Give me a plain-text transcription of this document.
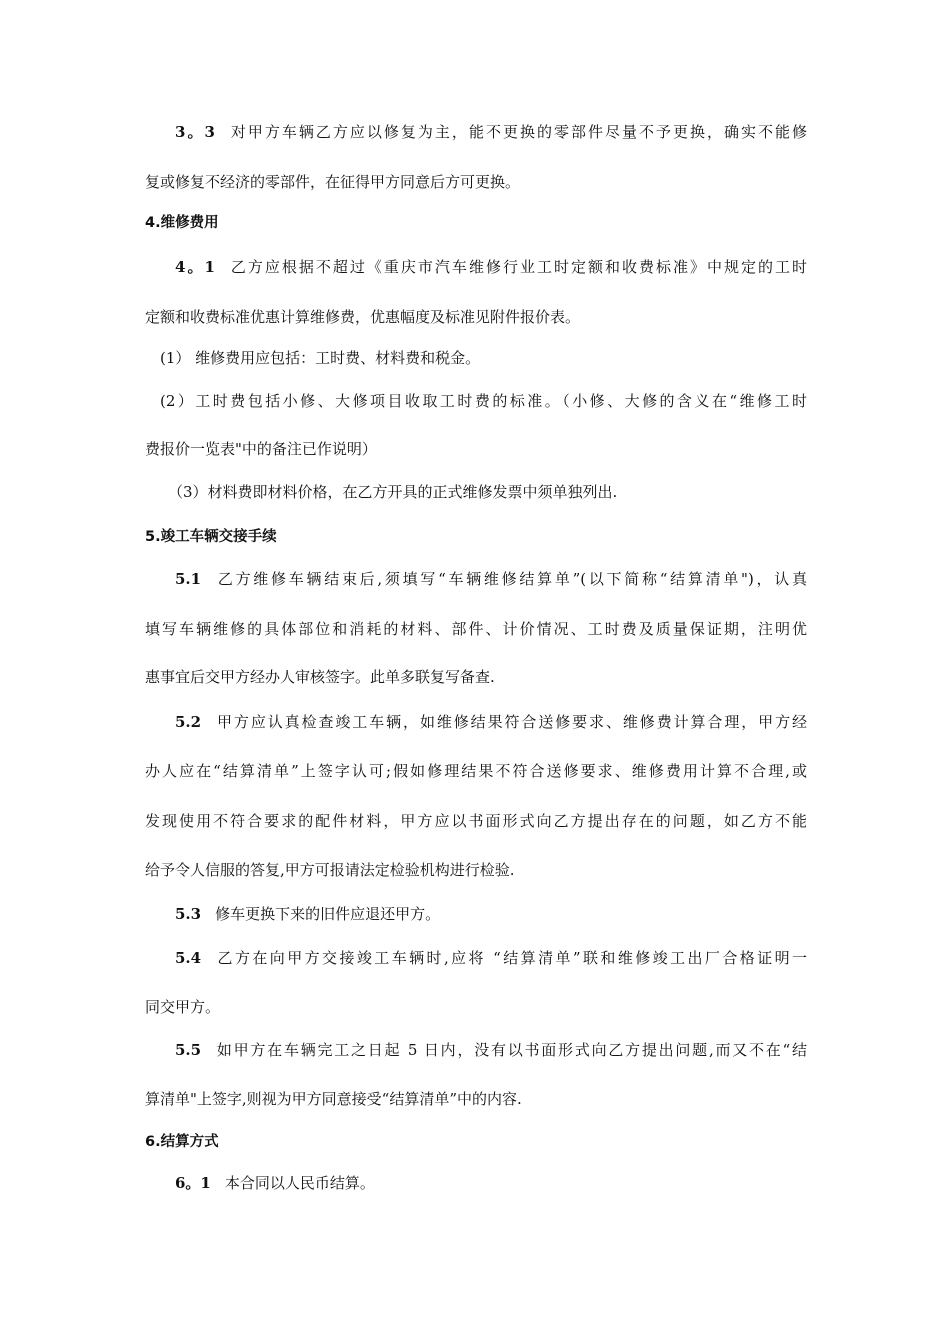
3。3 对甲方车辆乙方应以修复为主，能不更换的零部件尽量不予更换，确实不能修
复或修复不经济的零部件，在征得甲方同意后方可更换。
4.维修费用
4。1 乙方应根据不超过《重庆市汽车维修行业工时定额和收费标准》中规定的工时
定额和收费标准优惠计算维修费，优惠幅度及标准见附件报价表。
(1） 维修费用应包括：工时费、材料费和税金。
(2）工时费包括小修、大修项目收取工时费的标准。（小修、大修的含义在“维修工时
费报价一览表"中的备注已作说明）
（3）材料费即材料价格，在乙方开具的正式维修发票中须单独列出.
5.竣工车辆交接手续
5.1 乙方维修车辆结束后,须填写“车辆维修结算单”(以下简称“结算清单")，认真
填写车辆维修的具体部位和消耗的材料、部件、计价情况、工时费及质量保证期，注明优
惠事宜后交甲方经办人审核签字。此单多联复写备查.
5.2 甲方应认真检查竣工车辆，如维修结果符合送修要求、维修费计算合理，甲方经
办人应在“结算清单”上签字认可;假如修理结果不符合送修要求、维修费用计算不合理,或
发现使用不符合要求的配件材料，甲方应以书面形式向乙方提出存在的问题，如乙方不能
给予令人信服的答复,甲方可报请法定检验机构进行检验.
5.3 修车更换下来的旧件应退还甲方。
5.4 乙方在向甲方交接竣工车辆时,应将 “结算清单”联和维修竣工出厂合格证明一
同交甲方。
5.5 如甲方在车辆完工之日起 5 日内，没有以书面形式向乙方提出问题,而又不在“结
算清单"上签字,则视为甲方同意接受“结算清单”中的内容.
6.结算方式
6。1 本合同以人民币结算。
